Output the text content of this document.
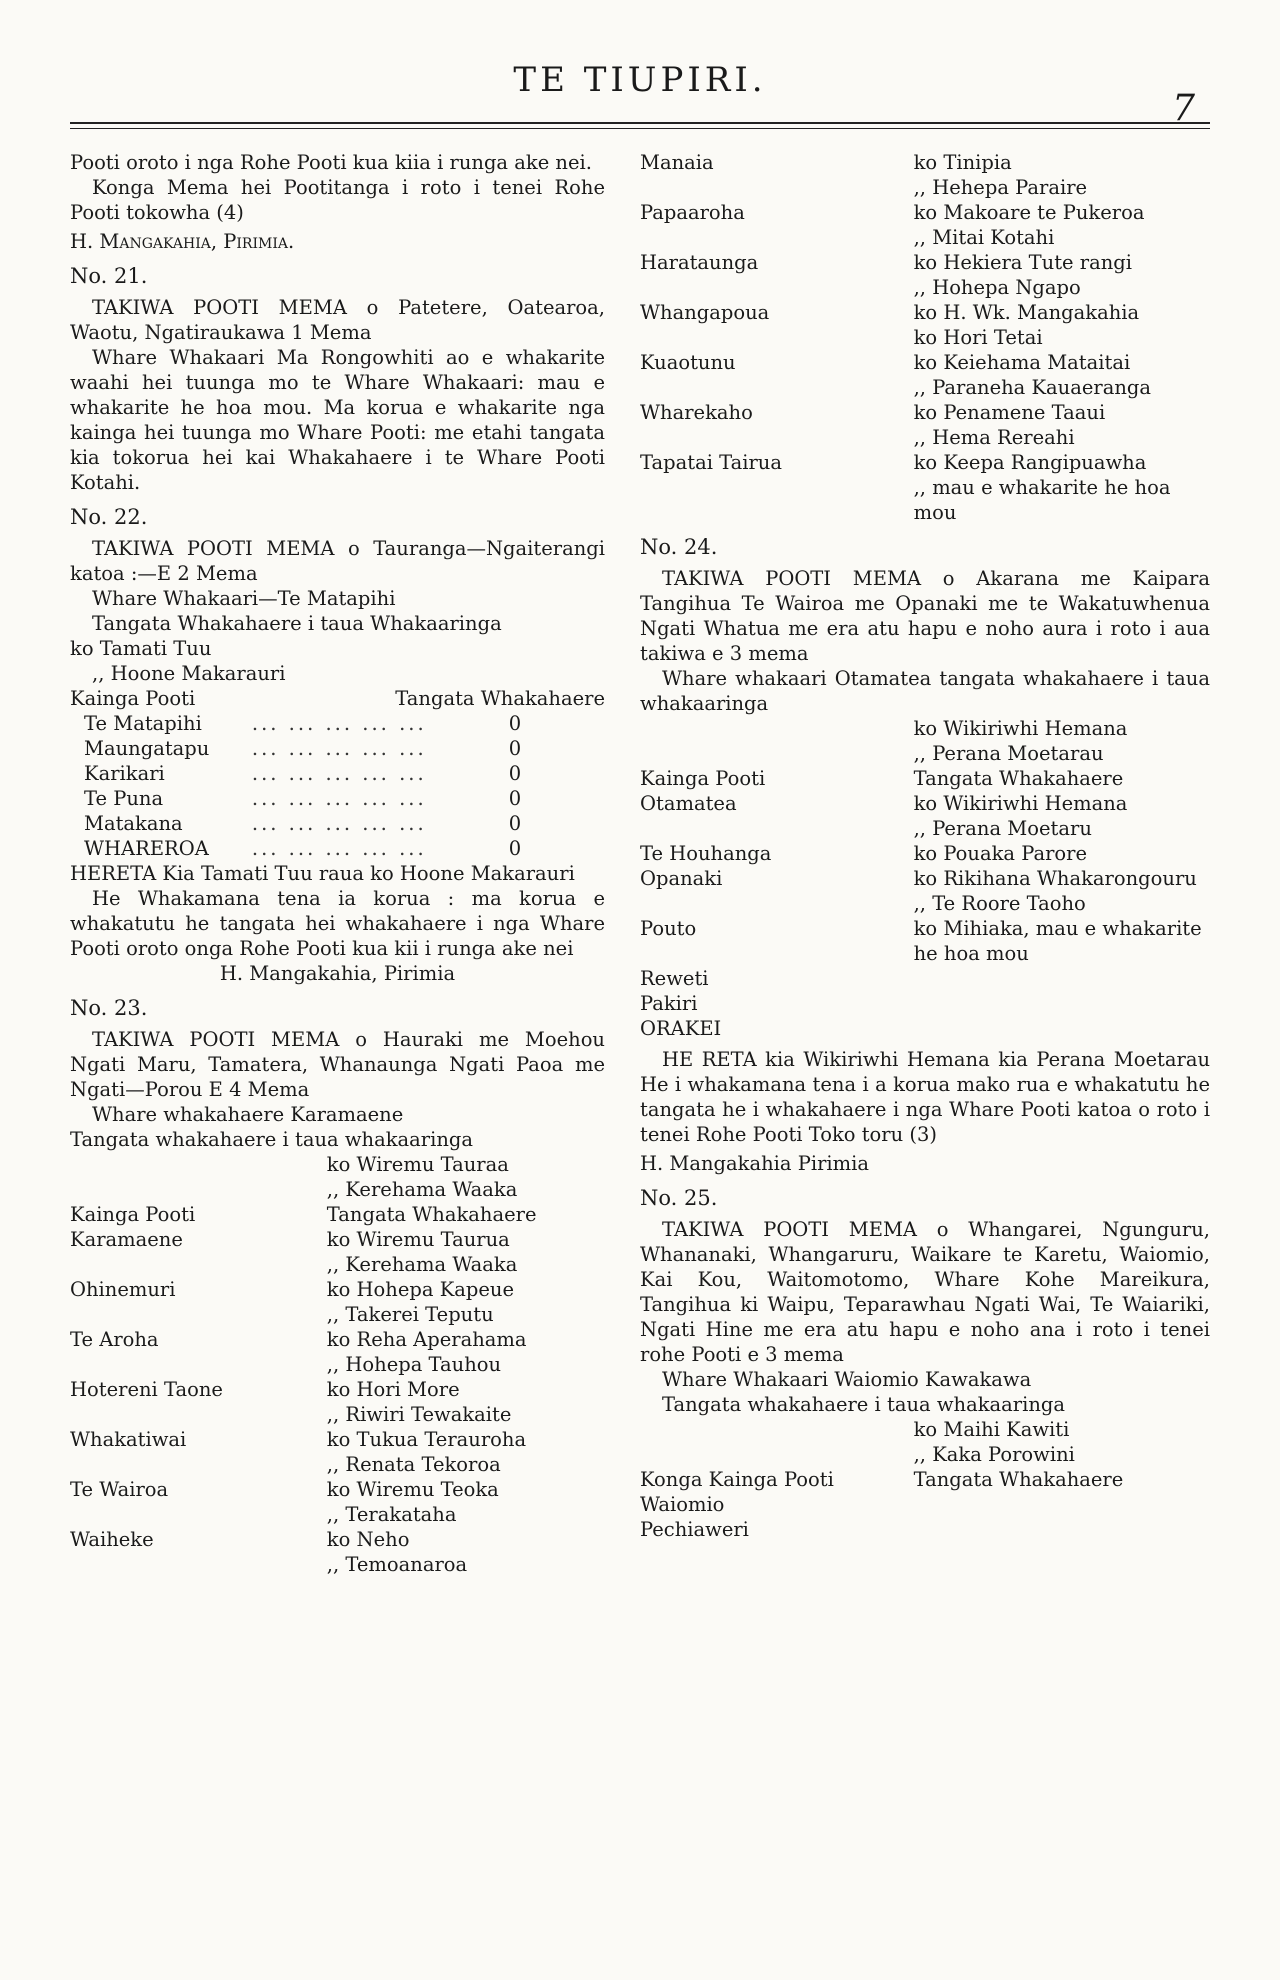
TE TIUPIRI.
7

Pooti oroto i nga Rohe Pooti kua kiia i runga ake nei.

Konga Mema hei Pootitanga i roto i tenei Rohe Pooti tokowha (4)

H. Mangakahia, Pirimia.

No. 21.

TAKIWA POOTI MEMA o Patetere, Oatearoa, Waotu, Ngatiraukawa 1 Mema

Whare Whakaari Ma Rongowhiti ao e whakarite waahi hei tuunga mo te Whare Whakaari: mau e whakarite he hoa mou. Ma korua e whakarite nga kainga hei tuunga mo Whare Pooti: me etahi tangata kia tokorua hei kai Whakahaere i te Whare Pooti Kotahi.

No. 22.

TAKIWA POOTI MEMA o Tauranga—Ngaiterangi katoa :—E 2 Mema

Whare Whakaari—Te Matapihi

Tangata Whakahaere i taua Whakaaringa

ko Tamati Tuu

,, Hoone Makarauri

Kainga Pooti	Tangata Whakahaere	
Te Matapihi	... ... ... ... ...	0
Maungatapu	... ... ... ... ...	0
Karikari	... ... ... ... ...	0
Te Puna	... ... ... ... ...	0
Matakana	... ... ... ... ...	0
WHAREROA	... ... ... ... ...	0

HERETA Kia Tamati Tuu raua ko Hoone Makarauri

He Whakamana tena ia korua : ma korua e whakatutu he tangata hei whakahaere i nga Whare Pooti oroto onga Rohe Pooti kua kii i runga ake nei

H. Mangakahia, Pirimia

No. 23.

TAKIWA POOTI MEMA o Hauraki me Moehou Ngati Maru, Tamatera, Whanaunga Ngati Paoa me Ngati—Porou E 4 Mema

Whare whakahaere Karamaene

Tangata whakahaere i taua whakaaringa

	ko Wiremu Tauraa
	,, Kerehama Waaka
Kainga Pooti	Tangata Whakahaere
Karamaene	ko Wiremu Taurua
	,, Kerehama Waaka
Ohinemuri	ko Hohepa Kapeue
	,, Takerei Teputu
Te Aroha	ko Reha Aperahama
	,, Hohepa Tauhou
Hotereni Taone	ko Hori More
	,, Riwiri Tewakaite
Whakatiwai	ko Tukua Terauroha
	,, Renata Tekoroa
Te Wairoa	ko Wiremu Teoka
	,, Terakataha
Waiheke	ko Neho
	,, Temoanaroa
Manaia	ko Tinipia
	,, Hehepa Paraire
Papaaroha	ko Makoare te Pukeroa
	,, Mitai Kotahi
Harataunga	ko Hekiera Tute rangi
	,, Hohepa Ngapo
Whangapoua	ko H. Wk. Mangakahia
	ko Hori Tetai
Kuaotunu	ko Keiehama Mataitai
	,, Paraneha Kauaeranga
Wharekaho	ko Penamene Taaui
	,, Hema Rereahi
Tapatai Tairua	ko Keepa Rangipuawha
	,, mau e whakarite he hoa mou

No. 24.

TAKIWA POOTI MEMA o Akarana me Kaipara Tangihua Te Wairoa me Opanaki me te Wakatuwhenua Ngati Whatua me era atu hapu e noho aura i roto i aua takiwa e 3 mema

Whare whakaari Otamatea tangata whakahaere i taua whakaaringa

	ko Wikiriwhi Hemana
	,, Perana Moetarau
Kainga Pooti	Tangata Whakahaere
Otamatea	ko Wikiriwhi Hemana
	,, Perana Moetaru
Te Houhanga	ko Pouaka Parore
Opanaki	ko Rikihana Whakarongouru
	,, Te Roore Taoho
Pouto	ko Mihiaka, mau e whakarite he hoa mou

Reweti

Pakiri

ORAKEI

HE RETA kia Wikiriwhi Hemana kia Perana Moetarau He i whakamana tena i a korua mako rua e whakatutu he tangata he i whakahaere i nga Whare Pooti katoa o roto i tenei Rohe Pooti Toko toru (3)

H. Mangakahia Pirimia

No. 25.

TAKIWA POOTI MEMA o Whangarei, Ngunguru, Whananaki, Whangaruru, Waikare te Karetu, Waiomio, Kai Kou, Waitomotomo, Whare Kohe Mareikura, Tangihua ki Waipu, Teparawhau Ngati Wai, Te Waiariki, Ngati Hine me era atu hapu e noho ana i roto i tenei rohe Pooti e 3 mema

Whare Whakaari Waiomio Kawakawa

Tangata whakahaere i taua whakaaringa

	ko Maihi Kawiti
	,, Kaka Porowini
Konga Kainga Pooti	Tangata Whakahaere
Waiomio	
Pechiaweri	
